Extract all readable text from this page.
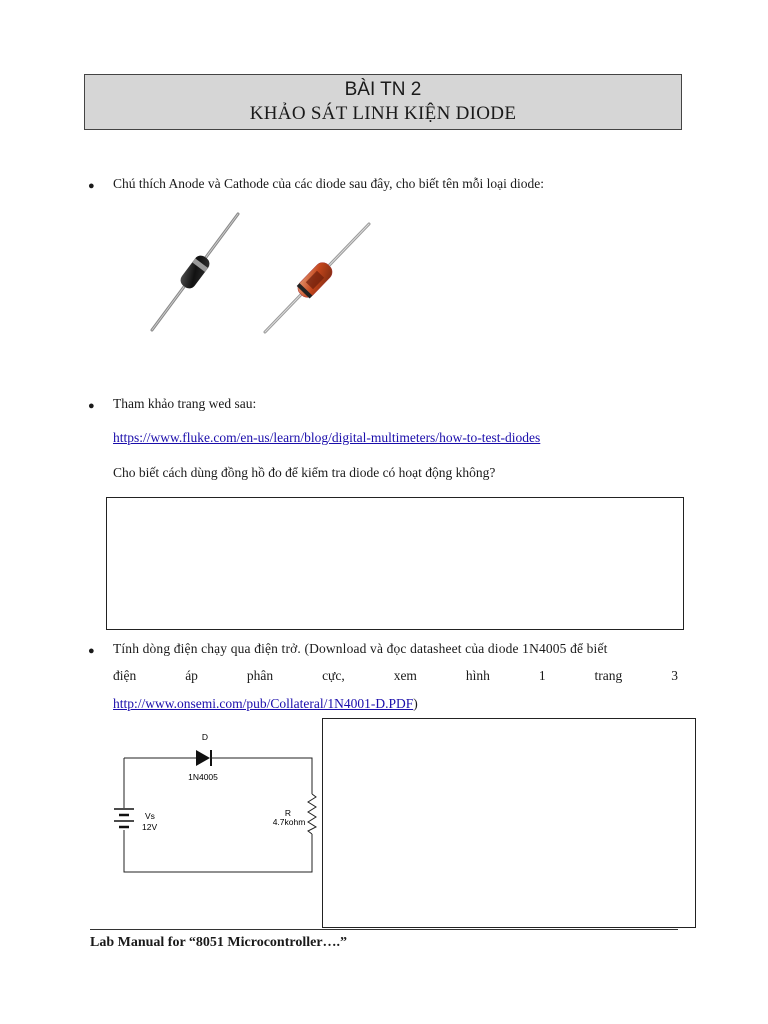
BÀI TN 2
KHẢO SÁT LINH KIỆN DIODE
● Chú thích Anode và Cathode của các diode sau đây, cho biết tên mỗi loại diode:
● Tham khảo trang wed sau:
https://www.fluke.com/en-us/learn/blog/digital-multimeters/how-to-test-diodes
Cho biết cách dùng đồng hồ đo để kiểm tra diode có hoạt động không?
● Tính dòng điện chạy qua điện trở. (Download và đọc datasheet của diode 1N4005 để biết
điện	áp	phân	cực,	xem	hình	1	trang	3
http://www.onsemi.com/pub/Collateral/1N4001-D.PDF)
D
1N4005
Vs
12V
R
4.7kohm
Lab Manual for “8051 Microcontroller….”
